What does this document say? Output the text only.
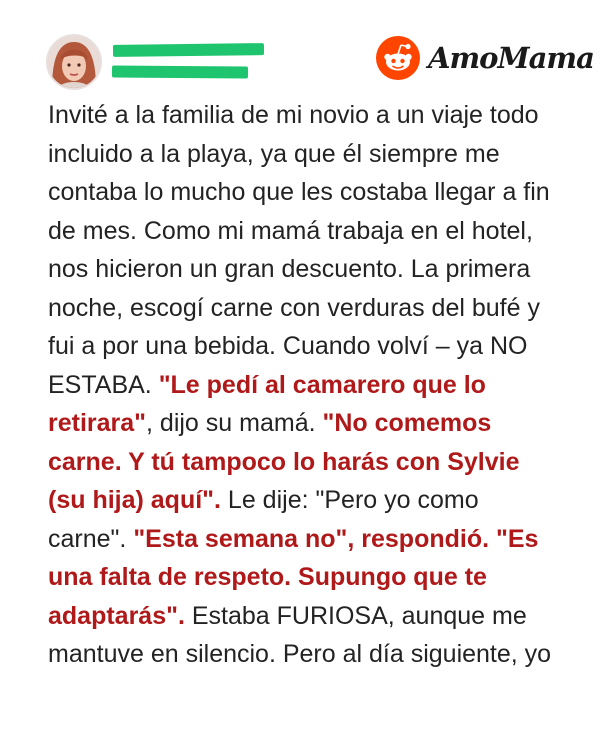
AmoMama

Invité a la familia de mi novio a un viaje todo incluido a la playa, ya que él siempre me contaba lo mucho que les costaba llegar a fin de mes. Como mi mamá trabaja en el hotel, nos hicieron un gran descuento. La primera noche, escogí carne con verduras del bufé y fui a por una bebida. Cuando volví – ya NO ESTABA. "Le pedí al camarero que lo retirara", dijo su mamá. "No comemos carne. Y tú tampoco lo harás con Sylvie (su hija) aquí". Le dije: "Pero yo como carne". "Esta semana no", respondió. "Es una falta de respeto. Supungo que te adaptarás". Estaba FURIOSA, aunque me mantuve en silencio. Pero al día siguiente, yo
